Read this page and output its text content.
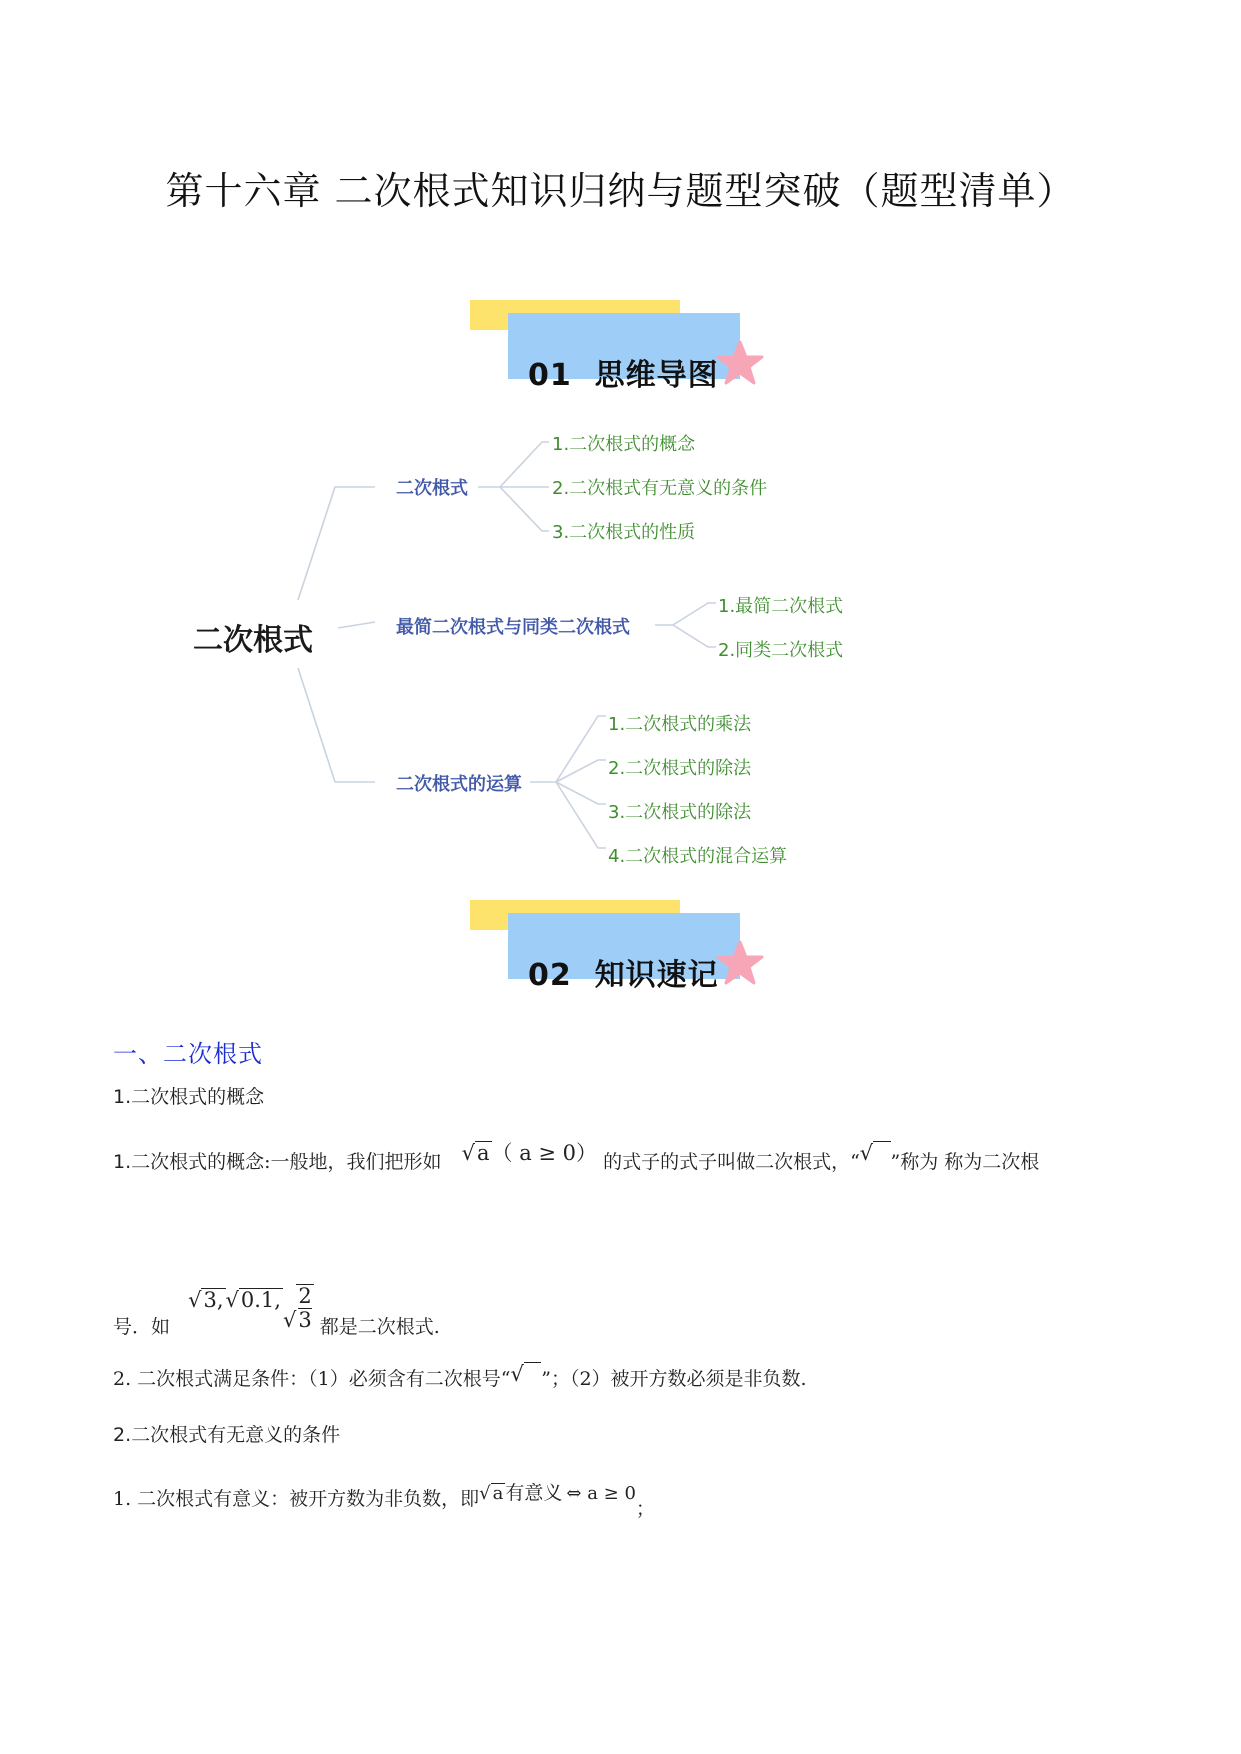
第十六章 二次根式知识归纳与题型突破（题型清单）
01 思维导图
二次根式
二次根式
1.二次根式的概念
2.二次根式有无意义的条件
3.二次根式的性质
最简二次根式与同类二次根式
1.最简二次根式
2.同类二次根式
二次根式的运算
1.二次根式的乘法
2.二次根式的除法
3.二次根式的除法
4.二次根式的混合运算
02 知识速记
一、二次根式
1.二次根式的概念
1.二次根式的概念:一般地，我们把形如 √a（ a ≥ 0） 的式子的式子叫做二次根式，“√ ”称为 称为二次根
号．如 $√3,√0.1,√ \frac{2}{3}$ 都是二次根式.
2. 二次根式满足条件：（1）必须含有二次根号“√ ”；（2）被开方数必须是非负数.
2.二次根式有无意义的条件
1. 二次根式有意义：被开方数为非负数，即√ a 有意义 ⇔ a ≥ 0；
